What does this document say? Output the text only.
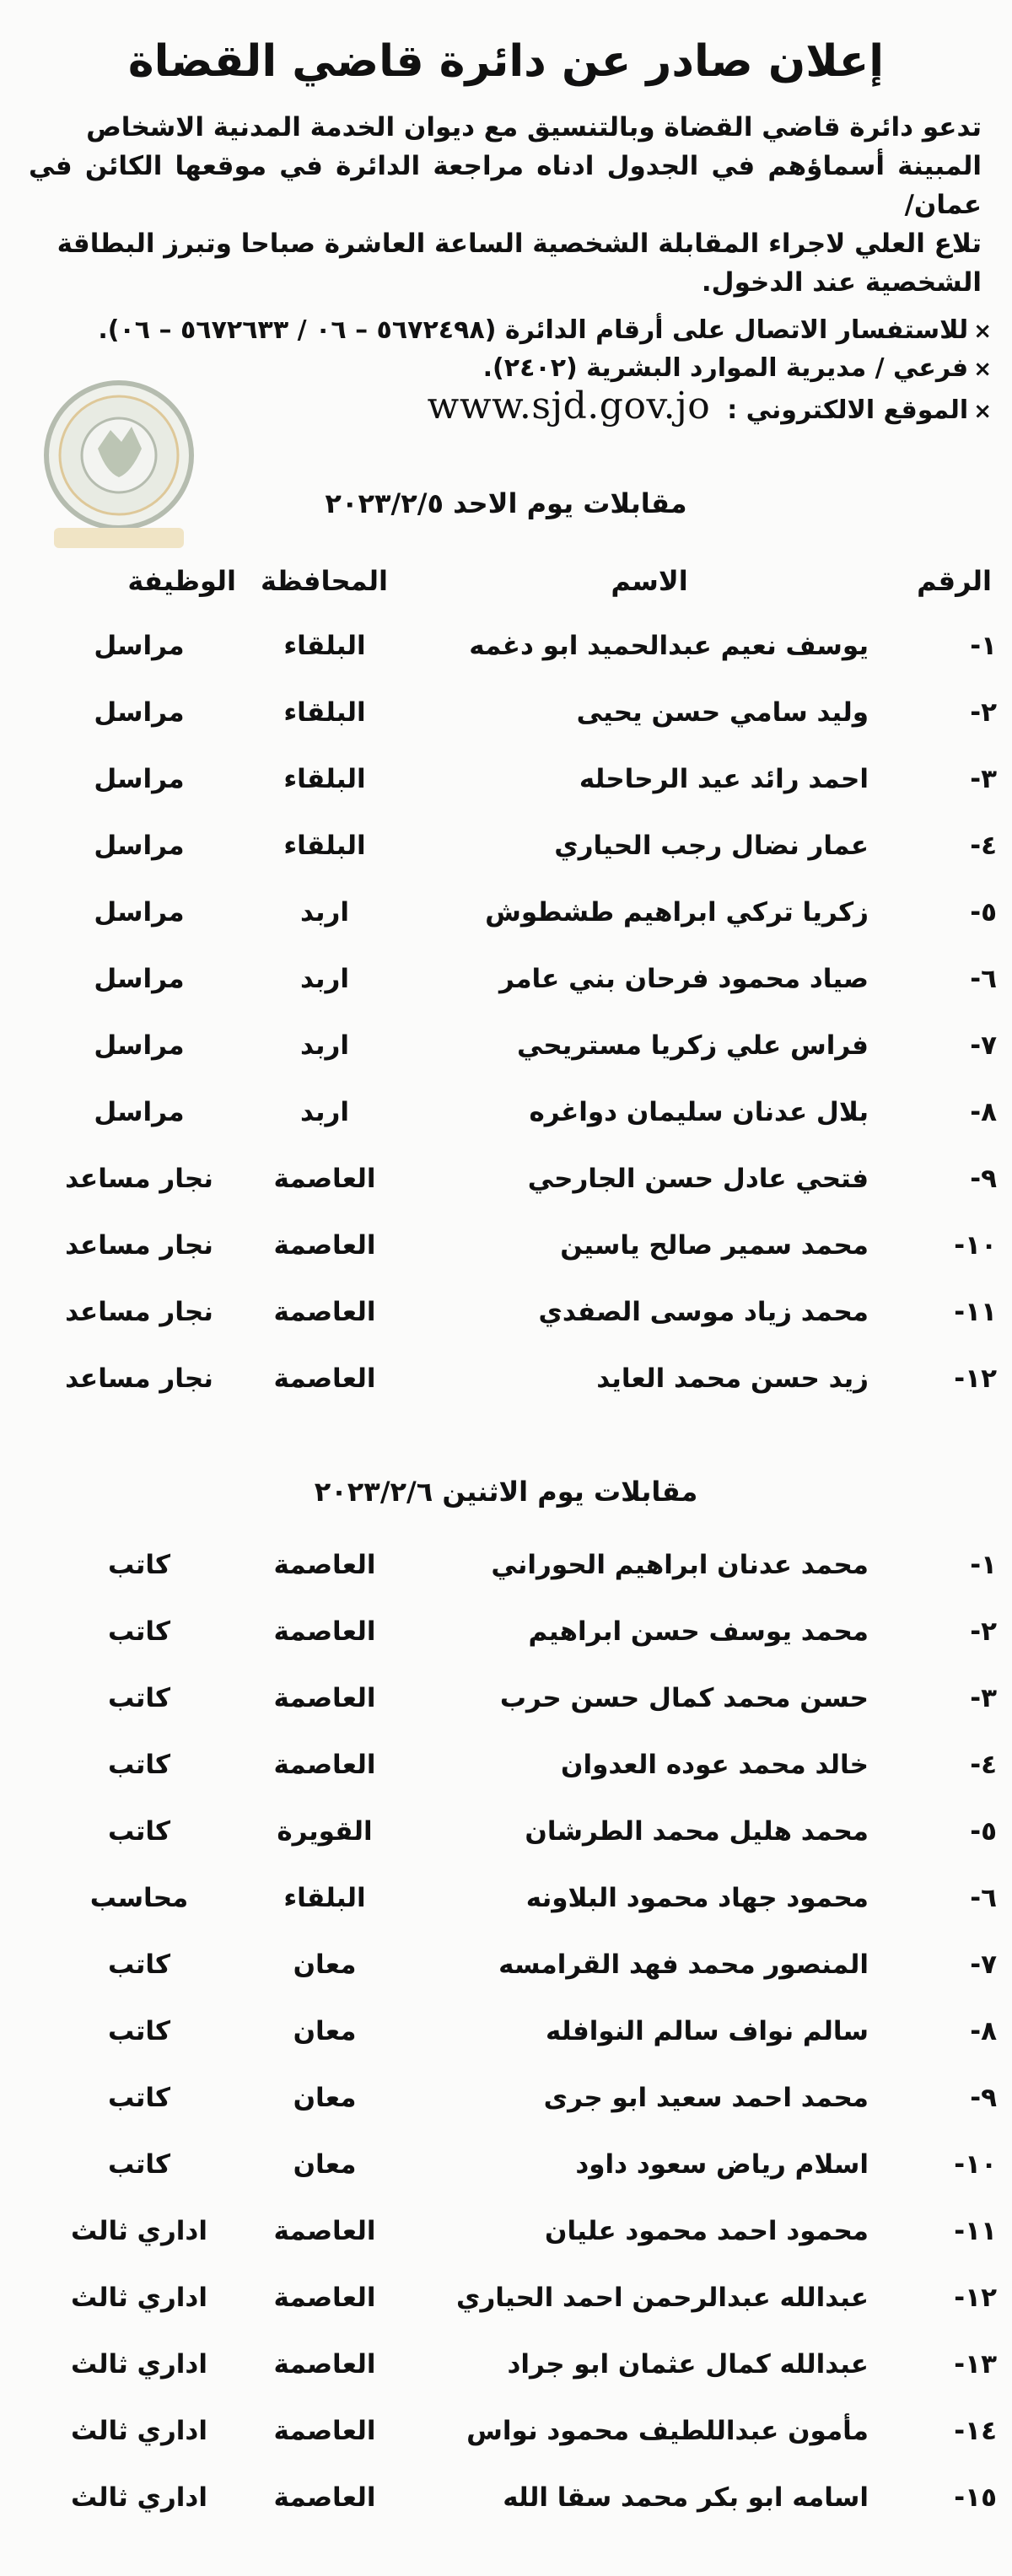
إعلان صادر عن دائرة قاضي القضاة

تدعو دائرة قاضي القضاة وبالتنسيق مع ديوان الخدمة المدنية الاشخاص

المبينة أسماؤهم في الجدول ادناه مراجعة الدائرة في موقعها الكائن في عمان/

تلاع العلي لاجراء المقابلة الشخصية الساعة العاشرة صباحا وتبرز البطاقة

الشخصية عند الدخول.

×
للاستفسار الاتصال على أرقام الدائرة (٥٦٧٢٤٩٨ – ٠٦ / ٥٦٧٢٦٣٣ – ٠٦).
×
فرعي / مديرية الموارد البشرية (٢٤٠٢).
×
الموقع الالكتروني :
www.sjd.gov.jo
مقابلات يوم الاحد ٢٠٢٣/٢/٥
الرقم
الاسم
المحافظة
الوظيفة
١-
يوسف نعيم عبدالحميد ابو دغمه
البلقاء
مراسل
٢-
وليد سامي حسن يحيى
البلقاء
مراسل
٣-
احمد رائد عيد الرحاحله
البلقاء
مراسل
٤-
عمار نضال رجب الحياري
البلقاء
مراسل
٥-
زكريا تركي ابراهيم طشطوش
اربد
مراسل
٦-
صياد محمود فرحان بني عامر
اربد
مراسل
٧-
فراس علي زكريا مستريحي
اربد
مراسل
٨-
بلال عدنان سليمان دواغره
اربد
مراسل
٩-
فتحي عادل حسن الجارحي
العاصمة
نجار مساعد
١٠-
محمد سمير صالح ياسين
العاصمة
نجار مساعد
١١-
محمد زياد موسى الصفدي
العاصمة
نجار مساعد
١٢-
زيد حسن محمد العايد
العاصمة
نجار مساعد
مقابلات يوم الاثنين ٢٠٢٣/٢/٦
١-
محمد عدنان ابراهيم الحوراني
العاصمة
كاتب
٢-
محمد يوسف حسن ابراهيم
العاصمة
كاتب
٣-
حسن محمد كمال حسن حرب
العاصمة
كاتب
٤-
خالد محمد عوده العدوان
العاصمة
كاتب
٥-
محمد هليل محمد الطرشان
القويرة
كاتب
٦-
محمود جهاد محمود البلاونه
البلقاء
محاسب
٧-
المنصور محمد فهد القرامسه
معان
كاتب
٨-
سالم نواف سالم النوافله
معان
كاتب
٩-
محمد احمد سعيد ابو جرى
معان
كاتب
١٠-
اسلام رياض سعود داود
معان
كاتب
١١-
محمود احمد محمود عليان
العاصمة
اداري ثالث
١٢-
عبدالله عبدالرحمن احمد الحياري
العاصمة
اداري ثالث
١٣-
عبدالله كمال عثمان ابو جراد
العاصمة
اداري ثالث
١٤-
مأمون عبداللطيف محمود نواس
العاصمة
اداري ثالث
١٥-
اسامه ابو بكر محمد سقا الله
العاصمة
اداري ثالث
